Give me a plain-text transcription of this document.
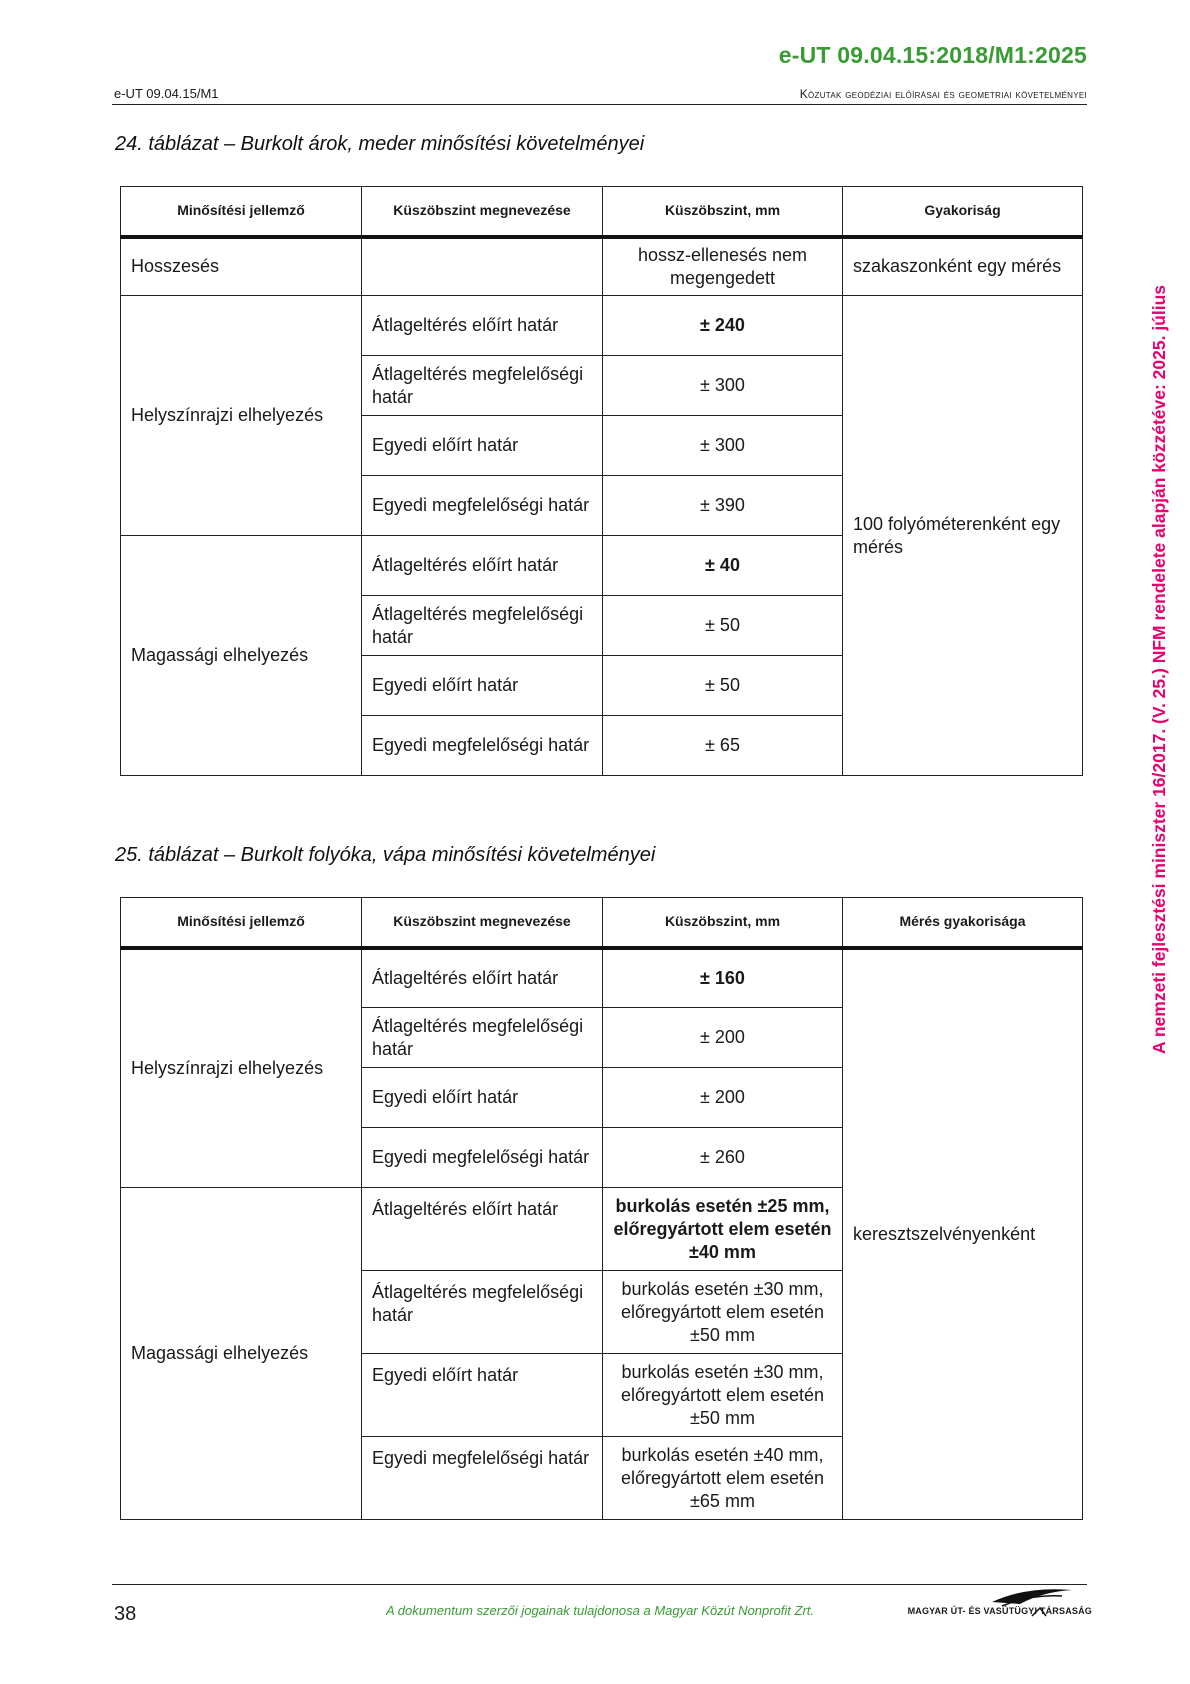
e-UT 09.04.15:2018/M1:2025
e-UT 09.04.15/M1	Közutak geodéziai előírásai és geometriai követelményei
24. táblázat – Burkolt árok, meder minősítési követelményei
Minősítési jellemző	Küszöbszint megnevezése	Küszöbszint, mm	Gyakoriság
Hosszesés		hossz-ellenesés nem megengedett	szakaszonként egy mérés
Helyszínrajzi elhelyezés	Átlageltérés előírt határ	± 240	100 folyóméterenként egy mérés
	Átlageltérés megfelelőségi határ	± 300	
	Egyedi előírt határ	± 300	
	Egyedi megfelelőségi határ	± 390	
Magassági elhelyezés	Átlageltérés előírt határ	± 40	
	Átlageltérés megfelelőségi határ	± 50	
	Egyedi előírt határ	± 50	
	Egyedi megfelelőségi határ	± 65	
25. táblázat – Burkolt folyóka, vápa minősítési követelményei
Minősítési jellemző	Küszöbszint megnevezése	Küszöbszint, mm	Mérés gyakorisága
Helyszínrajzi elhelyezés	Átlageltérés előírt határ	± 160	keresztszelvényenként
	Átlageltérés megfelelőségi határ	± 200	
	Egyedi előírt határ	± 200	
	Egyedi megfelelőségi határ	± 260	
Magassági elhelyezés	Átlageltérés előírt határ	burkolás esetén ±25 mm, előregyártott elem esetén ±40 mm	
	Átlageltérés megfelelőségi határ	burkolás esetén ±30 mm, előregyártott elem esetén ±50 mm	
	Egyedi előírt határ	burkolás esetén ±30 mm, előregyártott elem esetén ±50 mm	
	Egyedi megfelelőségi határ	burkolás esetén ±40 mm, előregyártott elem esetén ±65 mm	
A nemzeti fejlesztési miniszter 16/2017. (V. 25.) NFM rendelete alapján közzétéve: 2025. július
38	A dokumentum szerzői jogainak tulajdonosa a Magyar Közút Nonprofit Zrt.	MAGYAR ÚT- ÉS VASÚTÜGYI TÁRSASÁG
